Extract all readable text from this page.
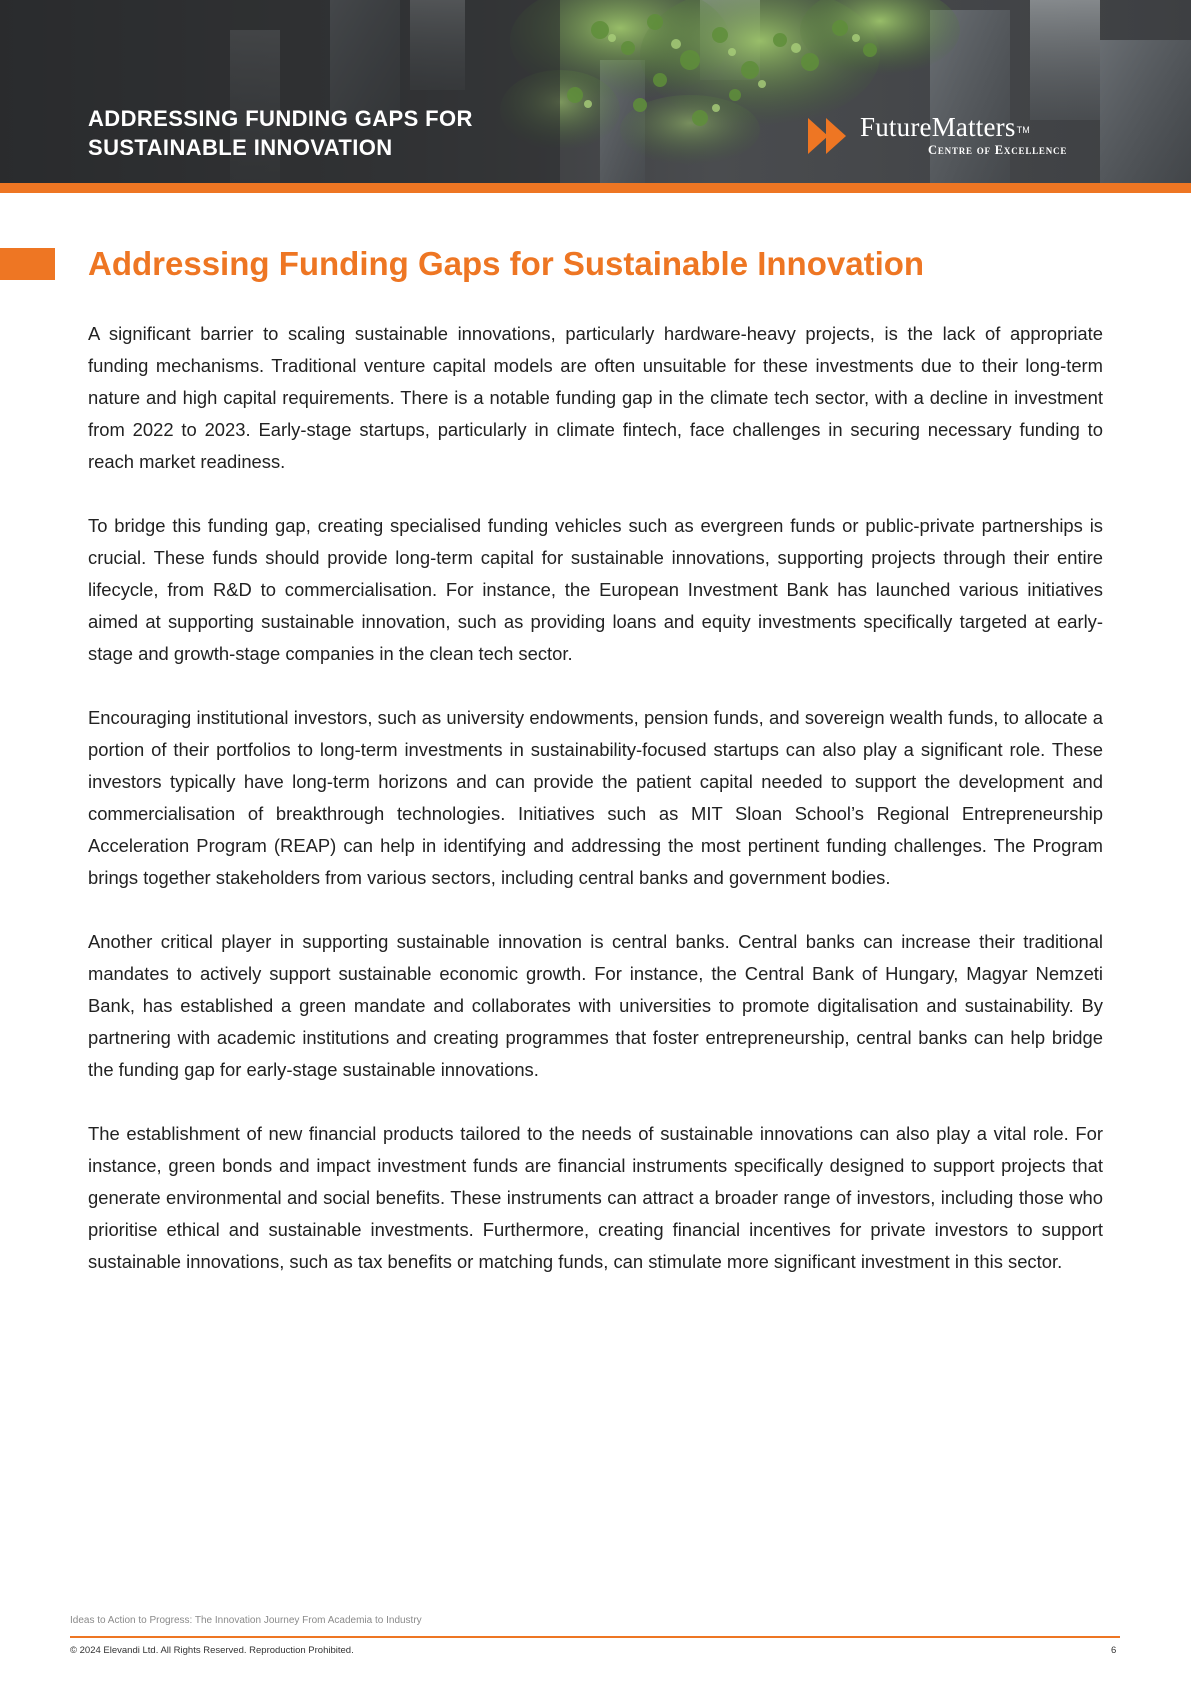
ADDRESSING FUNDING GAPS FOR
SUSTAINABLE INNOVATION
FutureMatters™
Centre of Excellence
Addressing Funding Gaps for Sustainable Innovation

A significant barrier to scaling sustainable innovations, particularly hardware-heavy projects, is the lack of appropriate funding mechanisms. Traditional venture capital models are often unsuitable for these investments due to their long-term nature and high capital requirements. There is a notable funding gap in the climate tech sector, with a decline in investment from 2022 to 2023. Early-stage startups, particularly in climate fintech, face challenges in securing necessary funding to reach market readiness.

To bridge this funding gap, creating specialised funding vehicles such as evergreen funds or public-private partnerships is crucial. These funds should provide long-term capital for sustainable innovations, supporting projects through their entire lifecycle, from R&D to commercialisation. For instance, the European Investment Bank has launched various initiatives aimed at supporting sustainable innovation, such as providing loans and equity investments specifically targeted at early-stage and growth-stage companies in the clean tech sector.

Encouraging institutional investors, such as university endowments, pension funds, and sovereign wealth funds, to allocate a portion of their portfolios to long-term investments in sustainability-focused startups can also play a significant role. These investors typically have long-term horizons and can provide the patient capital needed to support the development and commercialisation of breakthrough technologies. Initiatives such as MIT Sloan School’s Regional Entrepreneurship Acceleration Program (REAP) can help in identifying and addressing the most pertinent funding challenges. The Program brings together stakeholders from various sectors, including central banks and government bodies.

Another critical player in supporting sustainable innovation is central banks. Central banks can increase their traditional mandates to actively support sustainable economic growth. For instance, the Central Bank of Hungary, Magyar Nemzeti Bank, has established a green mandate and collaborates with universities to promote digitalisation and sustainability. By partnering with academic institutions and creating programmes that foster entrepreneurship, central banks can help bridge the funding gap for early-stage sustainable innovations.

The establishment of new financial products tailored to the needs of sustainable innovations can also play a vital role. For instance, green bonds and impact investment funds are financial instruments specifically designed to support projects that generate environmental and social benefits. These instruments can attract a broader range of investors, including those who prioritise ethical and sustainable investments. Furthermore, creating financial incentives for private investors to support sustainable innovations, such as tax benefits or matching funds, can stimulate more significant investment in this sector.

Ideas to Action to Progress: The Innovation Journey From Academia to Industry

© 2024 Elevandi Ltd. All Rights Reserved. Reproduction Prohibited.	6
